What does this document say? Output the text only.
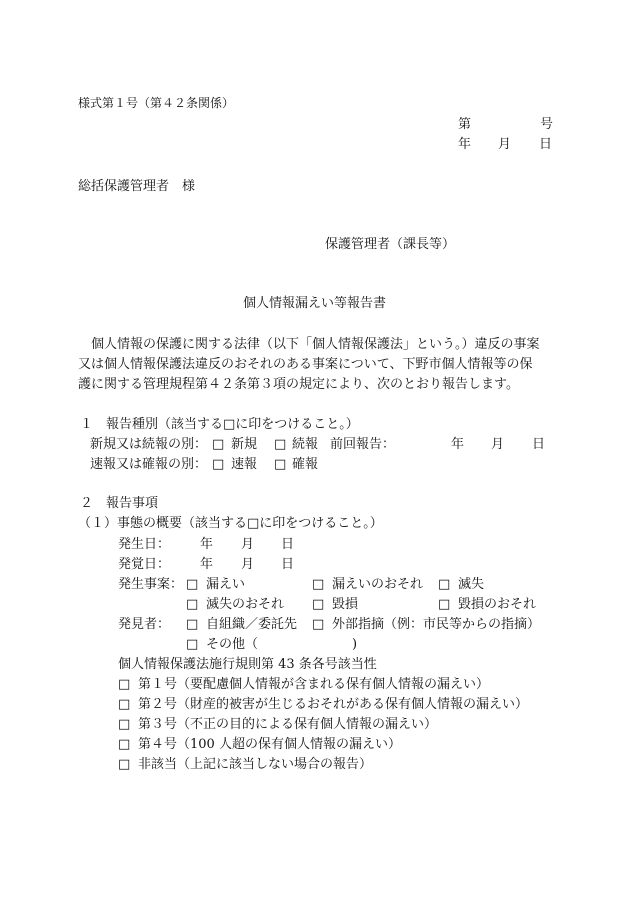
様式第１号（第４２条関係）
第	号
年 月 日
総括保護管理者　様
保護管理者（課長等）
個人情報漏えい等報告書
　個人情報の保護に関する法律（以下「個人情報保護法」という。）違反の事案
又は個人情報保護法違反のおそれのある事案について、下野市個人情報等の保
護に関する管理規程第４２条第３項の規定により、次のとおり報告します。
１　報告種別（該当する□に印をつけること。）
新規又は続報の別： □ 新規 □ 続報 前回報告：	年 月 日
速報又は確報の別： □ 速報 □ 確報
２　報告事項
（１）事態の概要（該当する□に印をつけること。）
発生日： 年 月 日
発覚日： 年 月 日
発生事案： □ 漏えい	□ 漏えいのおそれ □ 滅失
□ 滅失のおそれ □ 毀損	□ 毀損のおそれ
発見者： □ 自組織／委託先 □ 外部指摘（例：市民等からの指摘）
□ その他（	)
個人情報保護法施行規則第 43 条各号該当性
□ 第１号（要配慮個人情報が含まれる保有個人情報の漏えい）
□ 第２号（財産的被害が生じるおそれがある保有個人情報の漏えい）
□ 第３号（不正の目的による保有個人情報の漏えい）
□ 第４号（100 人超の保有個人情報の漏えい）
□ 非該当（上記に該当しない場合の報告）
